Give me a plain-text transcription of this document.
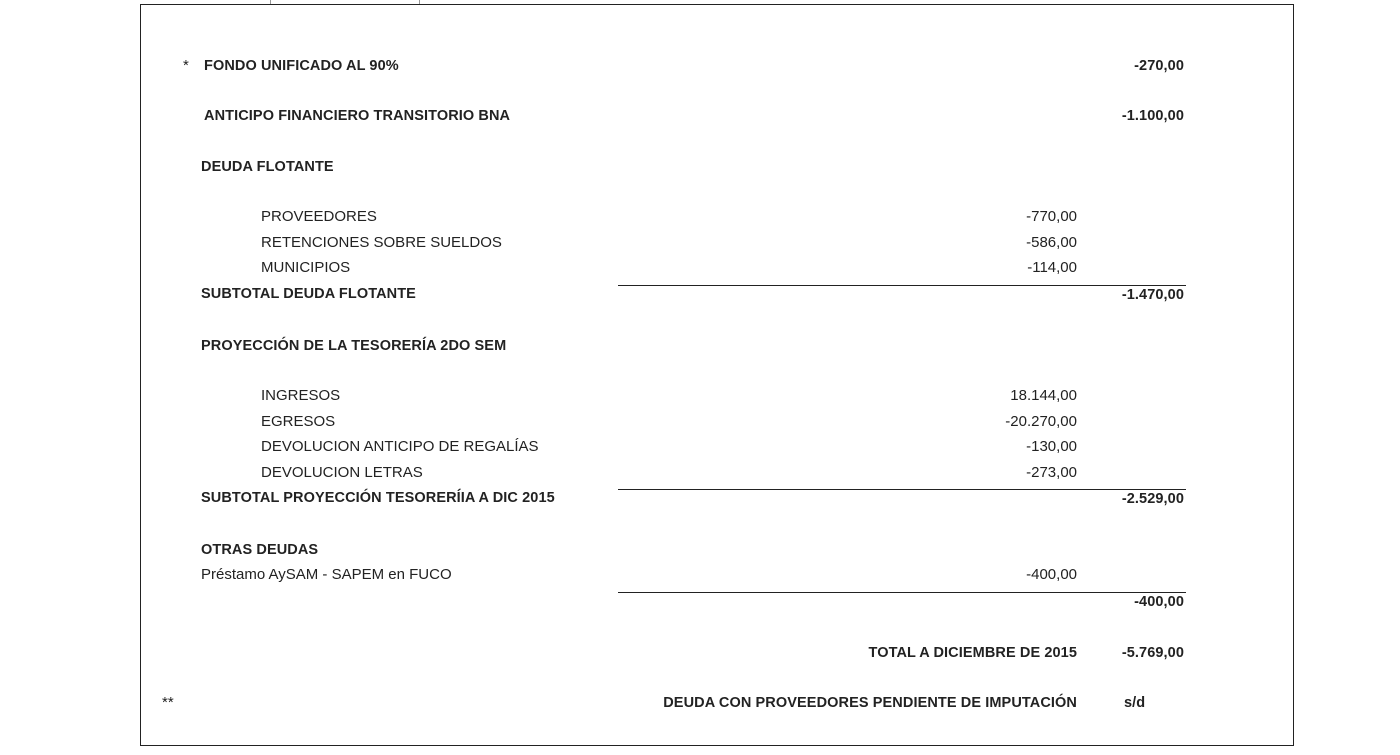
* FONDO UNIFICADO AL 90%	-270,00
ANTICIPO FINANCIERO TRANSITORIO BNA	-1.100,00
DEUDA FLOTANTE
PROVEEDORES	-770,00
RETENCIONES SOBRE SUELDOS	-586,00
MUNICIPIOS	-114,00
SUBTOTAL DEUDA FLOTANTE	-1.470,00
PROYECCIÓN DE LA TESORERÍA 2DO SEM
INGRESOS	18.144,00
EGRESOS	-20.270,00
DEVOLUCION ANTICIPO DE REGALÍAS	-130,00
DEVOLUCION LETRAS	-273,00
SUBTOTAL PROYECCIÓN TESORERÍIA A DIC 2015	-2.529,00
OTRAS DEUDAS
Préstamo AySAM - SAPEM en FUCO	-400,00
-400,00
TOTAL A DICIEMBRE DE 2015	-5.769,00
**	DEUDA CON PROVEEDORES PENDIENTE DE IMPUTACIÓN	s/d
